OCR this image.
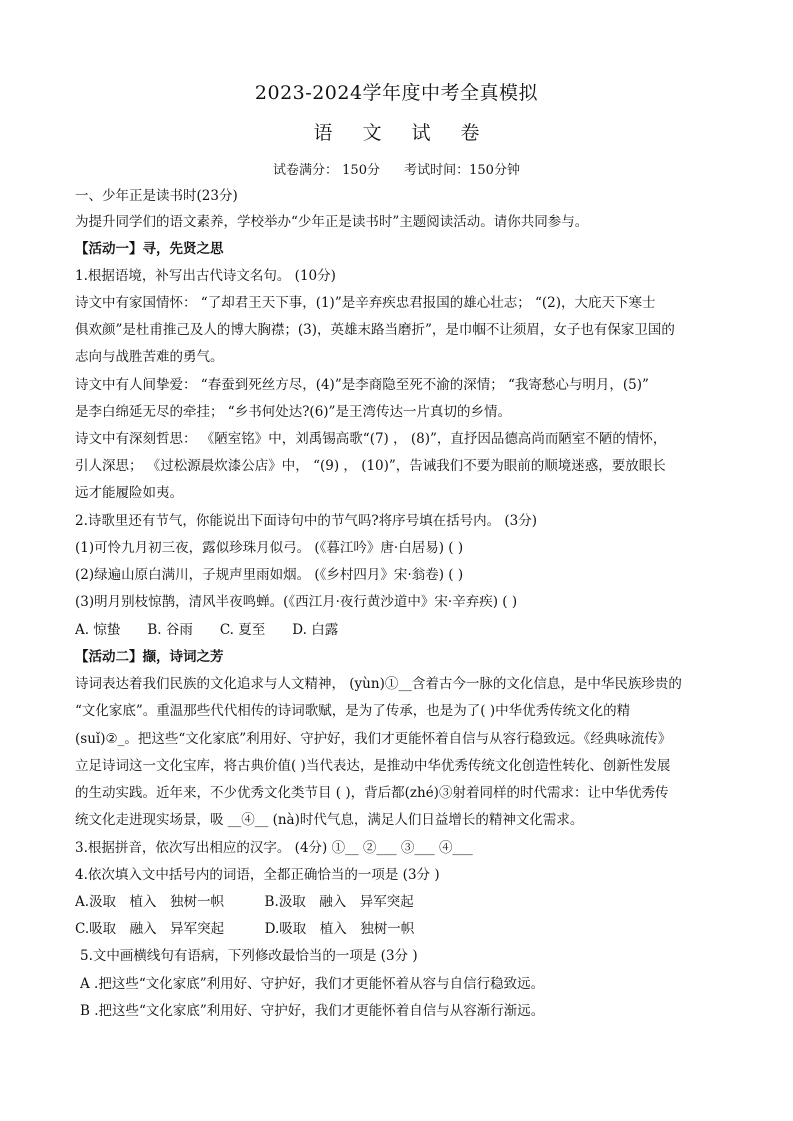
2023-2024学年度中考全真模拟
语 文 试 卷
试卷满分： 150分 考试时间：150分钟
一、少年正是读书时(23分)
为提升同学们的语文素养，学校举办“少年正是读书时”主题阅读活动。请你共同参与。
【活动一】寻，先贤之思
1.根据语境，补写出古代诗文名句。 (10分)
诗文中有家国情怀： “了却君王天下事，(1)”是辛弃疾忠君报国的雄心壮志； “(2)，大庇天下寒士
俱欢颜”是杜甫推己及人的博大胸襟；(3)，英雄末路当磨折”，是巾帼不让须眉，女子也有保家卫国的
志向与战胜苦难的勇气。
诗文中有人间挚爱： “春蚕到死丝方尽，(4)”是李商隐至死不渝的深情； “我寄愁心与明月，(5)”
是李白绵延无尽的牵挂； “乡书何处达?(6)”是王湾传达一片真切的乡情。
诗文中有深刻哲思： 《陋室铭》中，刘禹锡高歌“(7) ， (8)”，直抒因品德高尚而陋室不陋的情怀，
引人深思； 《过松源晨炊漆公店》中， “(9) ， (10)”，告诫我们不要为眼前的顺境迷惑，要放眼长
远才能履险如夷。
2.诗歌里还有节气，你能说出下面诗句中的节气吗?将序号填在括号内。 (3分)
(1)可怜九月初三夜，露似珍珠月似弓。 (《暮江吟》唐·白居易) ( )
(2)绿遍山原白满川，子规声里雨如烟。 (《乡村四月》宋·翁卷) ( )
(3)明月别枝惊鹊，清风半夜鸣蝉。(《西江月·夜行黄沙道中》宋·辛弃疾) ( )
A. 惊蛰　　B. 谷雨　　C. 夏至　　D. 白露
【活动二】撷，诗词之芳
诗词表达着我们民族的文化追求与人文精神， (yùn)①__含着古今一脉的文化信息，是中华民族珍贵的
“文化家底”。重温那些代代相传的诗词歌赋，是为了传承，也是为了( )中华优秀传统文化的精
(suǐ)②_。把这些“文化家底”利用好、守护好，我们才更能怀着自信与从容行稳致远。《经典咏流传》
立足诗词这一文化宝库，将古典价值( )当代表达，是推动中华优秀传统文化创造性转化、创新性发展
的生动实践。近年来，不少优秀文化类节目 ( )，背后都(zhé)③射着同样的时代需求：让中华优秀传
统文化走进现实场景，吸 __④__ (nà)时代气息，满足人们日益增长的精神文化需求。
3.根据拼音，依次写出相应的汉字。 (4分) ①__ ②___ ③___ ④___
4.依次填入文中括号内的词语，全都正确恰当的一项是 (3分 )
A.汲取　植入　独树一帜　　　B.汲取　融入　异军突起
C.吸取　融入　异军突起　　　D.吸取　植入　独树一帜
5.文中画横线句有语病，下列修改最恰当的一项是 (3分 )
A .把这些“文化家底”利用好、守护好，我们才更能怀着从容与自信行稳致远。
B .把这些“文化家底”利用好、守护好，我们才更能怀着自信与从容渐行渐远。
